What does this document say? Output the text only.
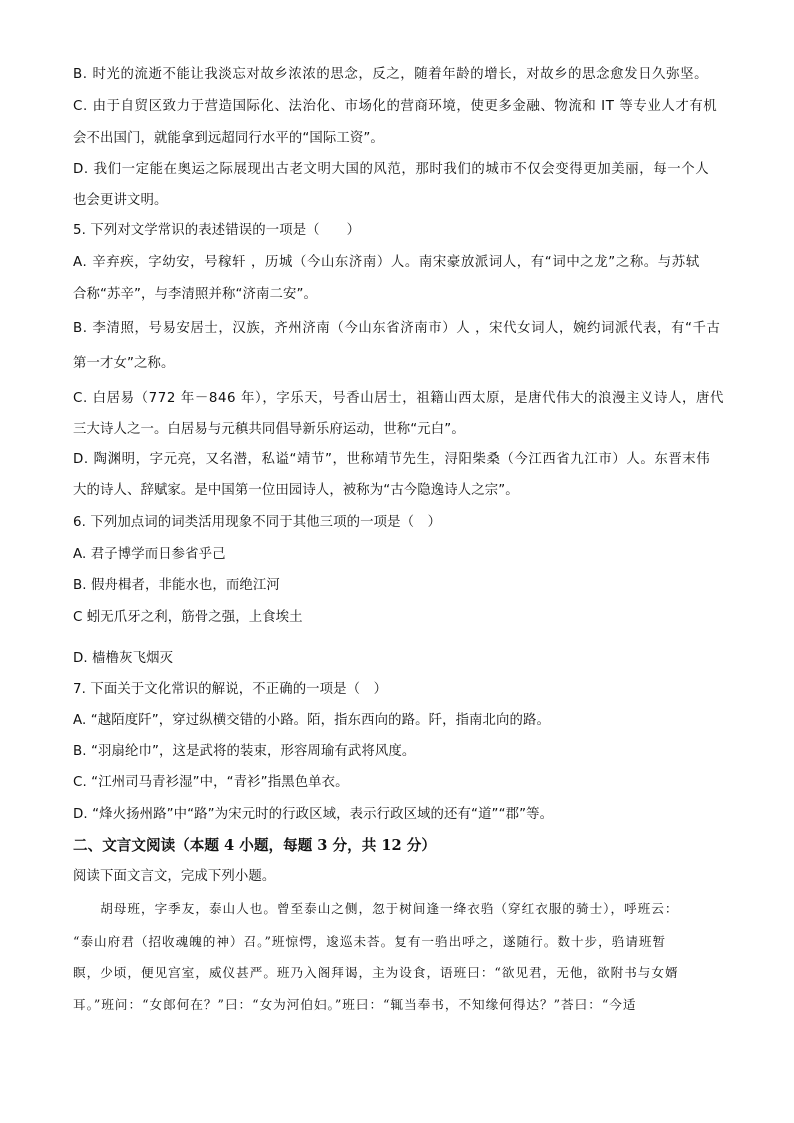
B. 时光的流逝不能让我淡忘对故乡浓浓的思念，反之，随着年龄的增长，对故乡的思念愈发日久弥坚。
C. 由于自贸区致力于营造国际化、法治化、市场化的营商环境，使更多金融、物流和 IT 等专业人才有机
会不出国门，就能拿到远超同行水平的“国际工资”。
D. 我们一定能在奥运之际展现出古老文明大国的风范，那时我们的城市不仅会变得更加美丽，每一个人
也会更讲文明。
5. 下列对文学常识的表述错误的一项是（　　）
A. 辛弃疾，字幼安，号稼轩 ，历城（今山东济南）人。南宋豪放派词人，有“词中之龙”之称。与苏轼
合称“苏辛”，与李清照并称“济南二安”。
B. 李清照，号易安居士，汉族，齐州济南（今山东省济南市）人 ，宋代女词人，婉约词派代表，有“千古
第一才女”之称。
C. 白居易（772 年－846 年），字乐天，号香山居士，祖籍山西太原，是唐代伟大的浪漫主义诗人，唐代
三大诗人之一。白居易与元稹共同倡导新乐府运动，世称“元白”。
D. 陶渊明，字元亮，又名潜，私谥“靖节”，世称靖节先生，浔阳柴桑（今江西省九江市）人。东晋末伟
大的诗人、辞赋家。是中国第一位田园诗人，被称为“古今隐逸诗人之宗”。
6. 下列加点词的词类活用现象不同于其他三项的一项是（　）
A. 君子博学而日参省乎己
B. 假舟楫者，非能水也，而绝江河
C 蚓无爪牙之利，筋骨之强，上食埃土
D. 樯橹灰飞烟灭
7. 下面关于文化常识的解说，不正确的一项是（　）
A. “越陌度阡”，穿过纵横交错的小路。陌，指东西向的路。阡，指南北向的路。
B. “羽扇纶巾”，这是武将的装束，形容周瑜有武将风度。
C. “江州司马青衫湿”中，“青衫”指黑色单衣。
D. “烽火扬州路”中“路”为宋元时的行政区域，表示行政区域的还有“道”“郡”等。
二、文言文阅读（本题 4 小题，每题 3 分，共 12 分）
阅读下面文言文，完成下列小题。
　　胡母班，字季友，泰山人也。曾至泰山之侧，忽于树间逢一绛衣驺（穿红衣服的骑士），呼班云：
“泰山府君（招收魂魄的神）召。”班惊愕，逡巡未荅。复有一驺出呼之，遂随行。数十步，驺请班暂
瞑，少顷，便见宫室，威仪甚严。班乃入阁拜谒，主为设食，语班曰：“欲见君，无他，欲附书与女婿
耳。”班问：“女郎何在？”曰：“女为河伯妇。”班曰：“辄当奉书，不知缘何得达？”荅曰：“今适
